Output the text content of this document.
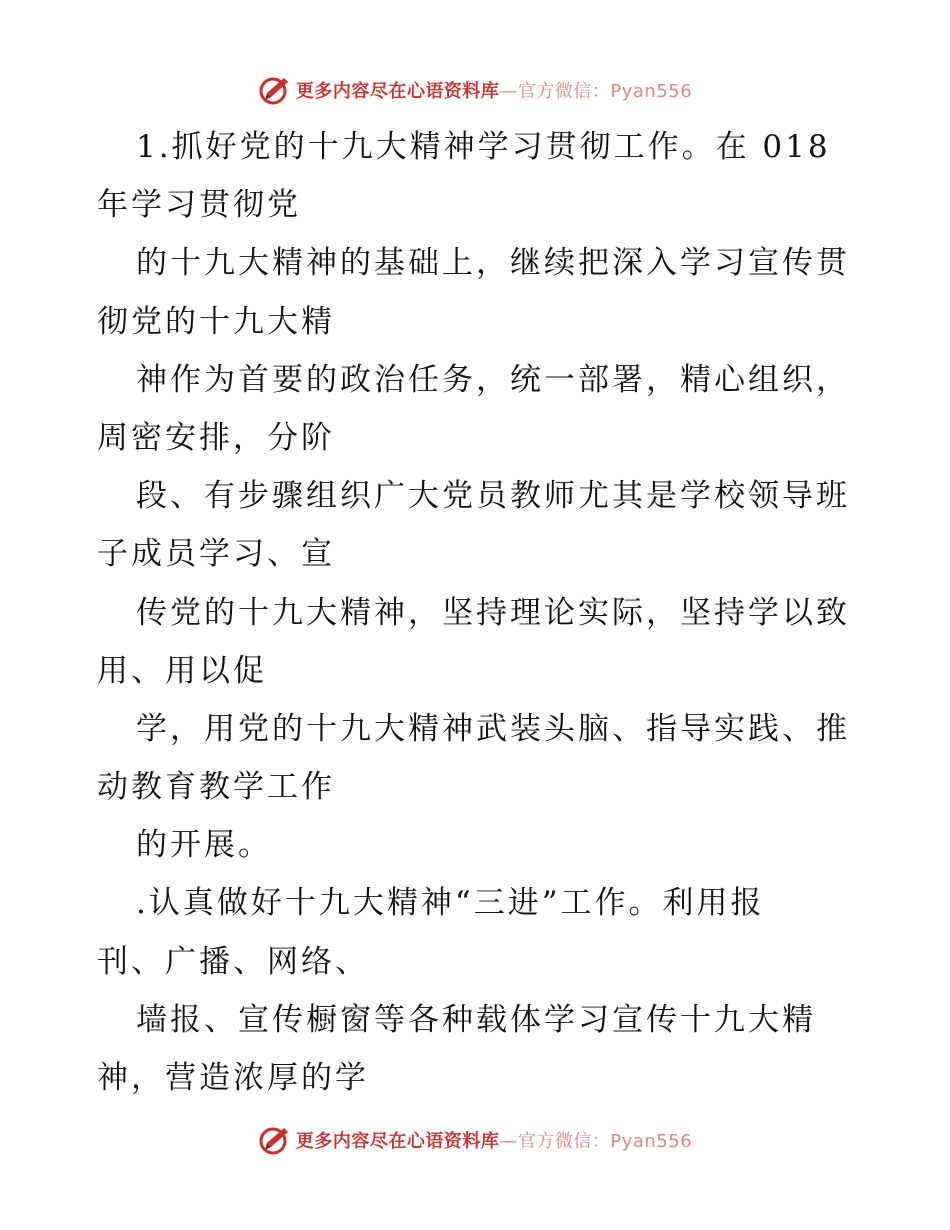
更多内容尽在心语资料库—官方微信：Pyan556
1.抓好党的十九大精神学习贯彻工作。在 018
年学习贯彻党
的十九大精神的基础上，继续把深入学习宣传贯
彻党的十九大精
神作为首要的政治任务，统一部署，精心组织，
周密安排，分阶
段、有步骤组织广大党员教师尤其是学校领导班
子成员学习、宣
传党的十九大精神，坚持理论实际，坚持学以致
用、用以促
学，用党的十九大精神武装头脑、指导实践、推
动教育教学工作
的开展。
.认真做好十九大精神“三进”工作。利用报
刊、广播、网络、
墙报、宣传橱窗等各种载体学习宣传十九大精
神，营造浓厚的学
更多内容尽在心语资料库—官方微信：Pyan556
